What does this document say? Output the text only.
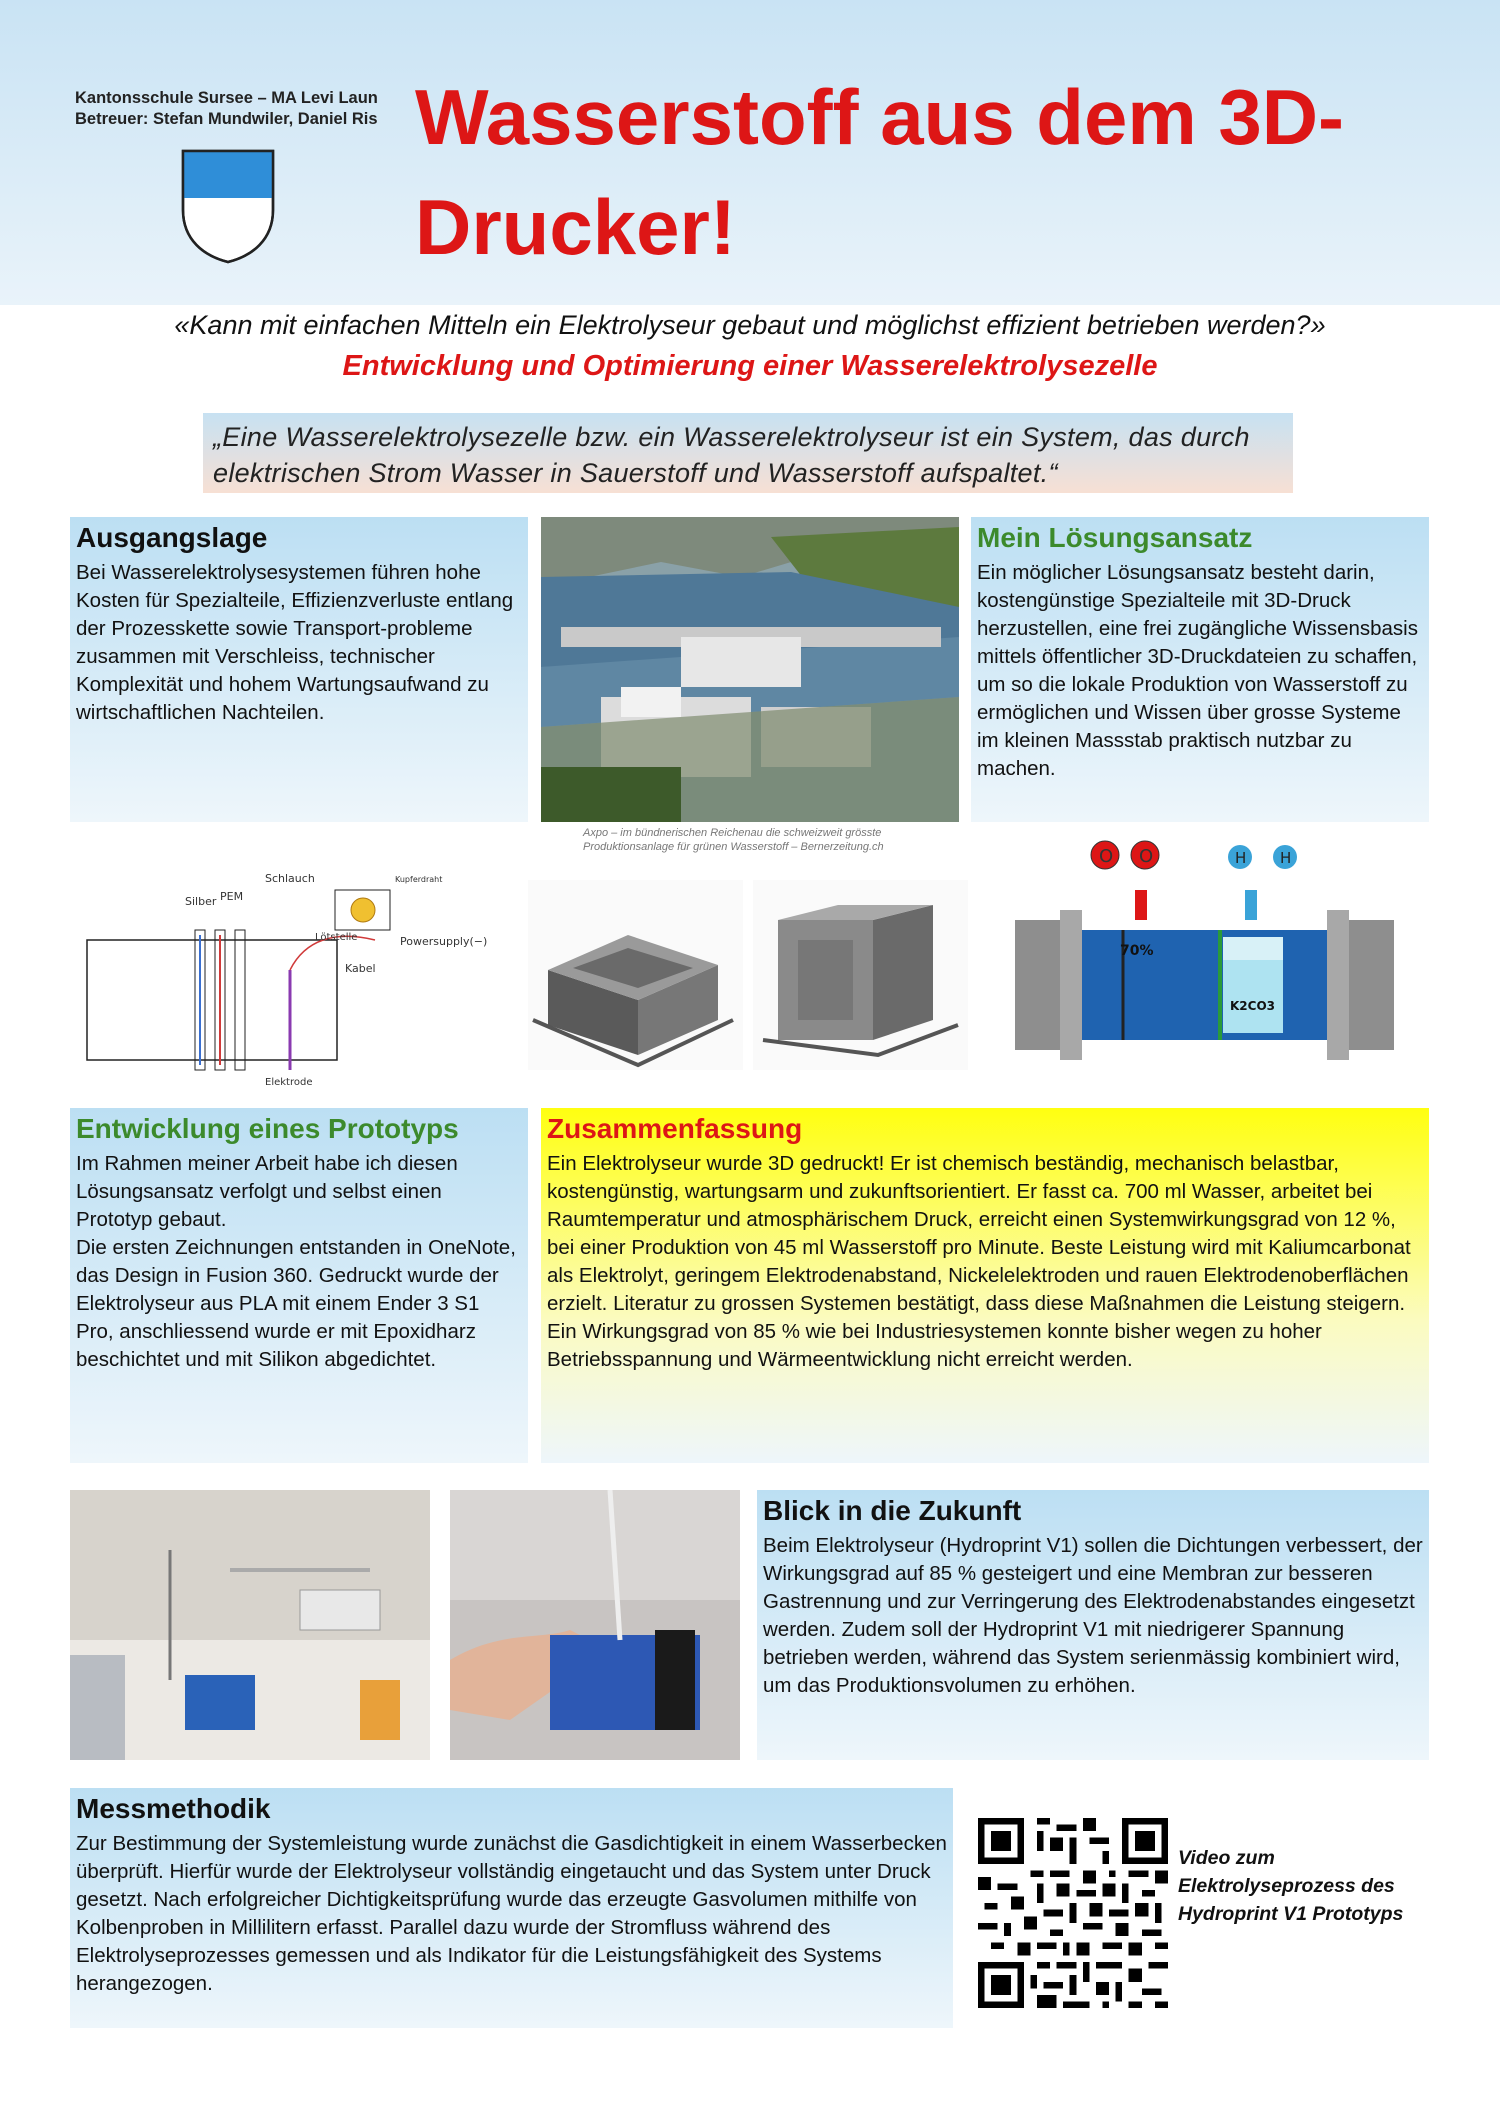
Kantonsschule Sursee – MA Levi Laun
Betreuer: Stefan Mundwiler, Daniel Ris Wasserstoff aus dem 3D-Drucker!
«Kann mit einfachen Mitteln ein Elektrolyseur gebaut und möglichst effizient betrieben werden?»
Entwicklung und Optimierung einer Wasserelektrolysezelle
„Eine Wasserelektrolysezelle bzw. ein Wasserelektrolyseur ist ein System, das durch elektrischen Strom Wasser in Sauerstoff und Wasserstoff aufspaltet.“
Ausgangslage

Bei Wasserelektrolysesystemen führen hohe Kosten für Spezialteile, Effizienzverluste entlang der Prozesskette sowie Transport-probleme zusammen mit Verschleiss, technischer Komplexität und hohem Wartungsaufwand zu wirtschaftlichen Nachteilen.

Axpo – im bündnerischen Reichenau die schweizweit grösste Produktionsanlage für grünen Wasserstoff – Bernerzeitung.ch
Mein Lösungsansatz

Ein möglicher Lösungsansatz besteht darin, kostengünstige Spezialteile mit 3D-Druck herzustellen, eine frei zugängliche Wissensbasis mittels öffentlicher 3D-Druckdateien zu schaffen, um so die lokale Produktion von Wasserstoff zu ermöglichen und Wissen über grosse Systeme im kleinen Massstab praktisch nutzbar zu machen.

Silber PEM
Schlauch	Kupferdraht
Lötstelle	Powersupply(−)
Kabel
Elektrode
O O	H H
70%
K2CO3
Entwicklung eines Prototyps

Im Rahmen meiner Arbeit habe ich diesen Lösungsansatz verfolgt und selbst einen Prototyp gebaut.

Die ersten Zeichnungen entstanden in OneNote, das Design in Fusion 360. Gedruckt wurde der Elektrolyseur aus PLA mit einem Ender 3 S1 Pro, anschliessend wurde er mit Epoxidharz beschichtet und mit Silikon abgedichtet.

Zusammenfassung

Ein Elektrolyseur wurde 3D gedruckt! Er ist chemisch beständig, mechanisch belastbar, kostengünstig, wartungsarm und zukunftsorientiert. Er fasst ca. 700 ml Wasser, arbeitet bei Raumtemperatur und atmosphärischem Druck, erreicht einen Systemwirkungsgrad von 12 %, bei einer Produktion von 45 ml Wasserstoff pro Minute. Beste Leistung wird mit Kaliumcarbonat als Elektrolyt, geringem Elektrodenabstand, Nickelelektroden und rauen Elektrodenoberflächen erzielt. Literatur zu grossen Systemen bestätigt, dass diese Maßnahmen die Leistung steigern. Ein Wirkungsgrad von 85 % wie bei Industriesystemen konnte bisher wegen zu hoher Betriebsspannung und Wärmeentwicklung nicht erreicht werden.

Blick in die Zukunft

Beim Elektrolyseur (Hydroprint V1) sollen die Dichtungen verbessert, der Wirkungsgrad auf 85 % gesteigert und eine Membran zur besseren Gastrennung und zur Verringerung des Elektrodenabstandes eingesetzt werden. Zudem soll der Hydroprint V1 mit niedrigerer Spannung betrieben werden, während das System serienmässig kombiniert wird, um das Produktionsvolumen zu erhöhen.

Messmethodik

Zur Bestimmung der Systemleistung wurde zunächst die Gasdichtigkeit in einem Wasserbecken überprüft. Hierfür wurde der Elektrolyseur vollständig eingetaucht und das System unter Druck gesetzt. Nach erfolgreicher Dichtigkeitsprüfung wurde das erzeugte Gasvolumen mithilfe von Kolbenproben in Millilitern erfasst. Parallel dazu wurde der Stromfluss während des Elektrolyseprozesses gemessen und als Indikator für die Leistungsfähigkeit des Systems herangezogen.

Video zum Elektrolyseprozess des Hydroprint V1 Prototyps
